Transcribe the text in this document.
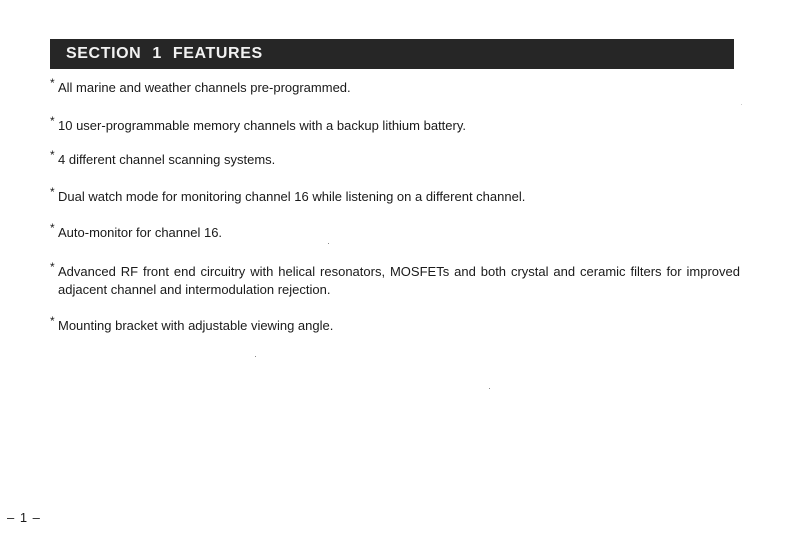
SECTION 1 FEATURES
* All marine and weather channels pre-programmed.
* 10 user-programmable memory channels with a backup lithium battery.
* 4 different channel scanning systems.
* Dual watch mode for monitoring channel 16 while listening on a different channel.
* Auto-monitor for channel 16.
* Advanced RF front end circuitry with helical resonators, MOSFETs and both crystal and ceramic filters for improved adjacent channel and intermodulation rejection.
* Mounting bracket with adjustable viewing angle.
– 1 –
